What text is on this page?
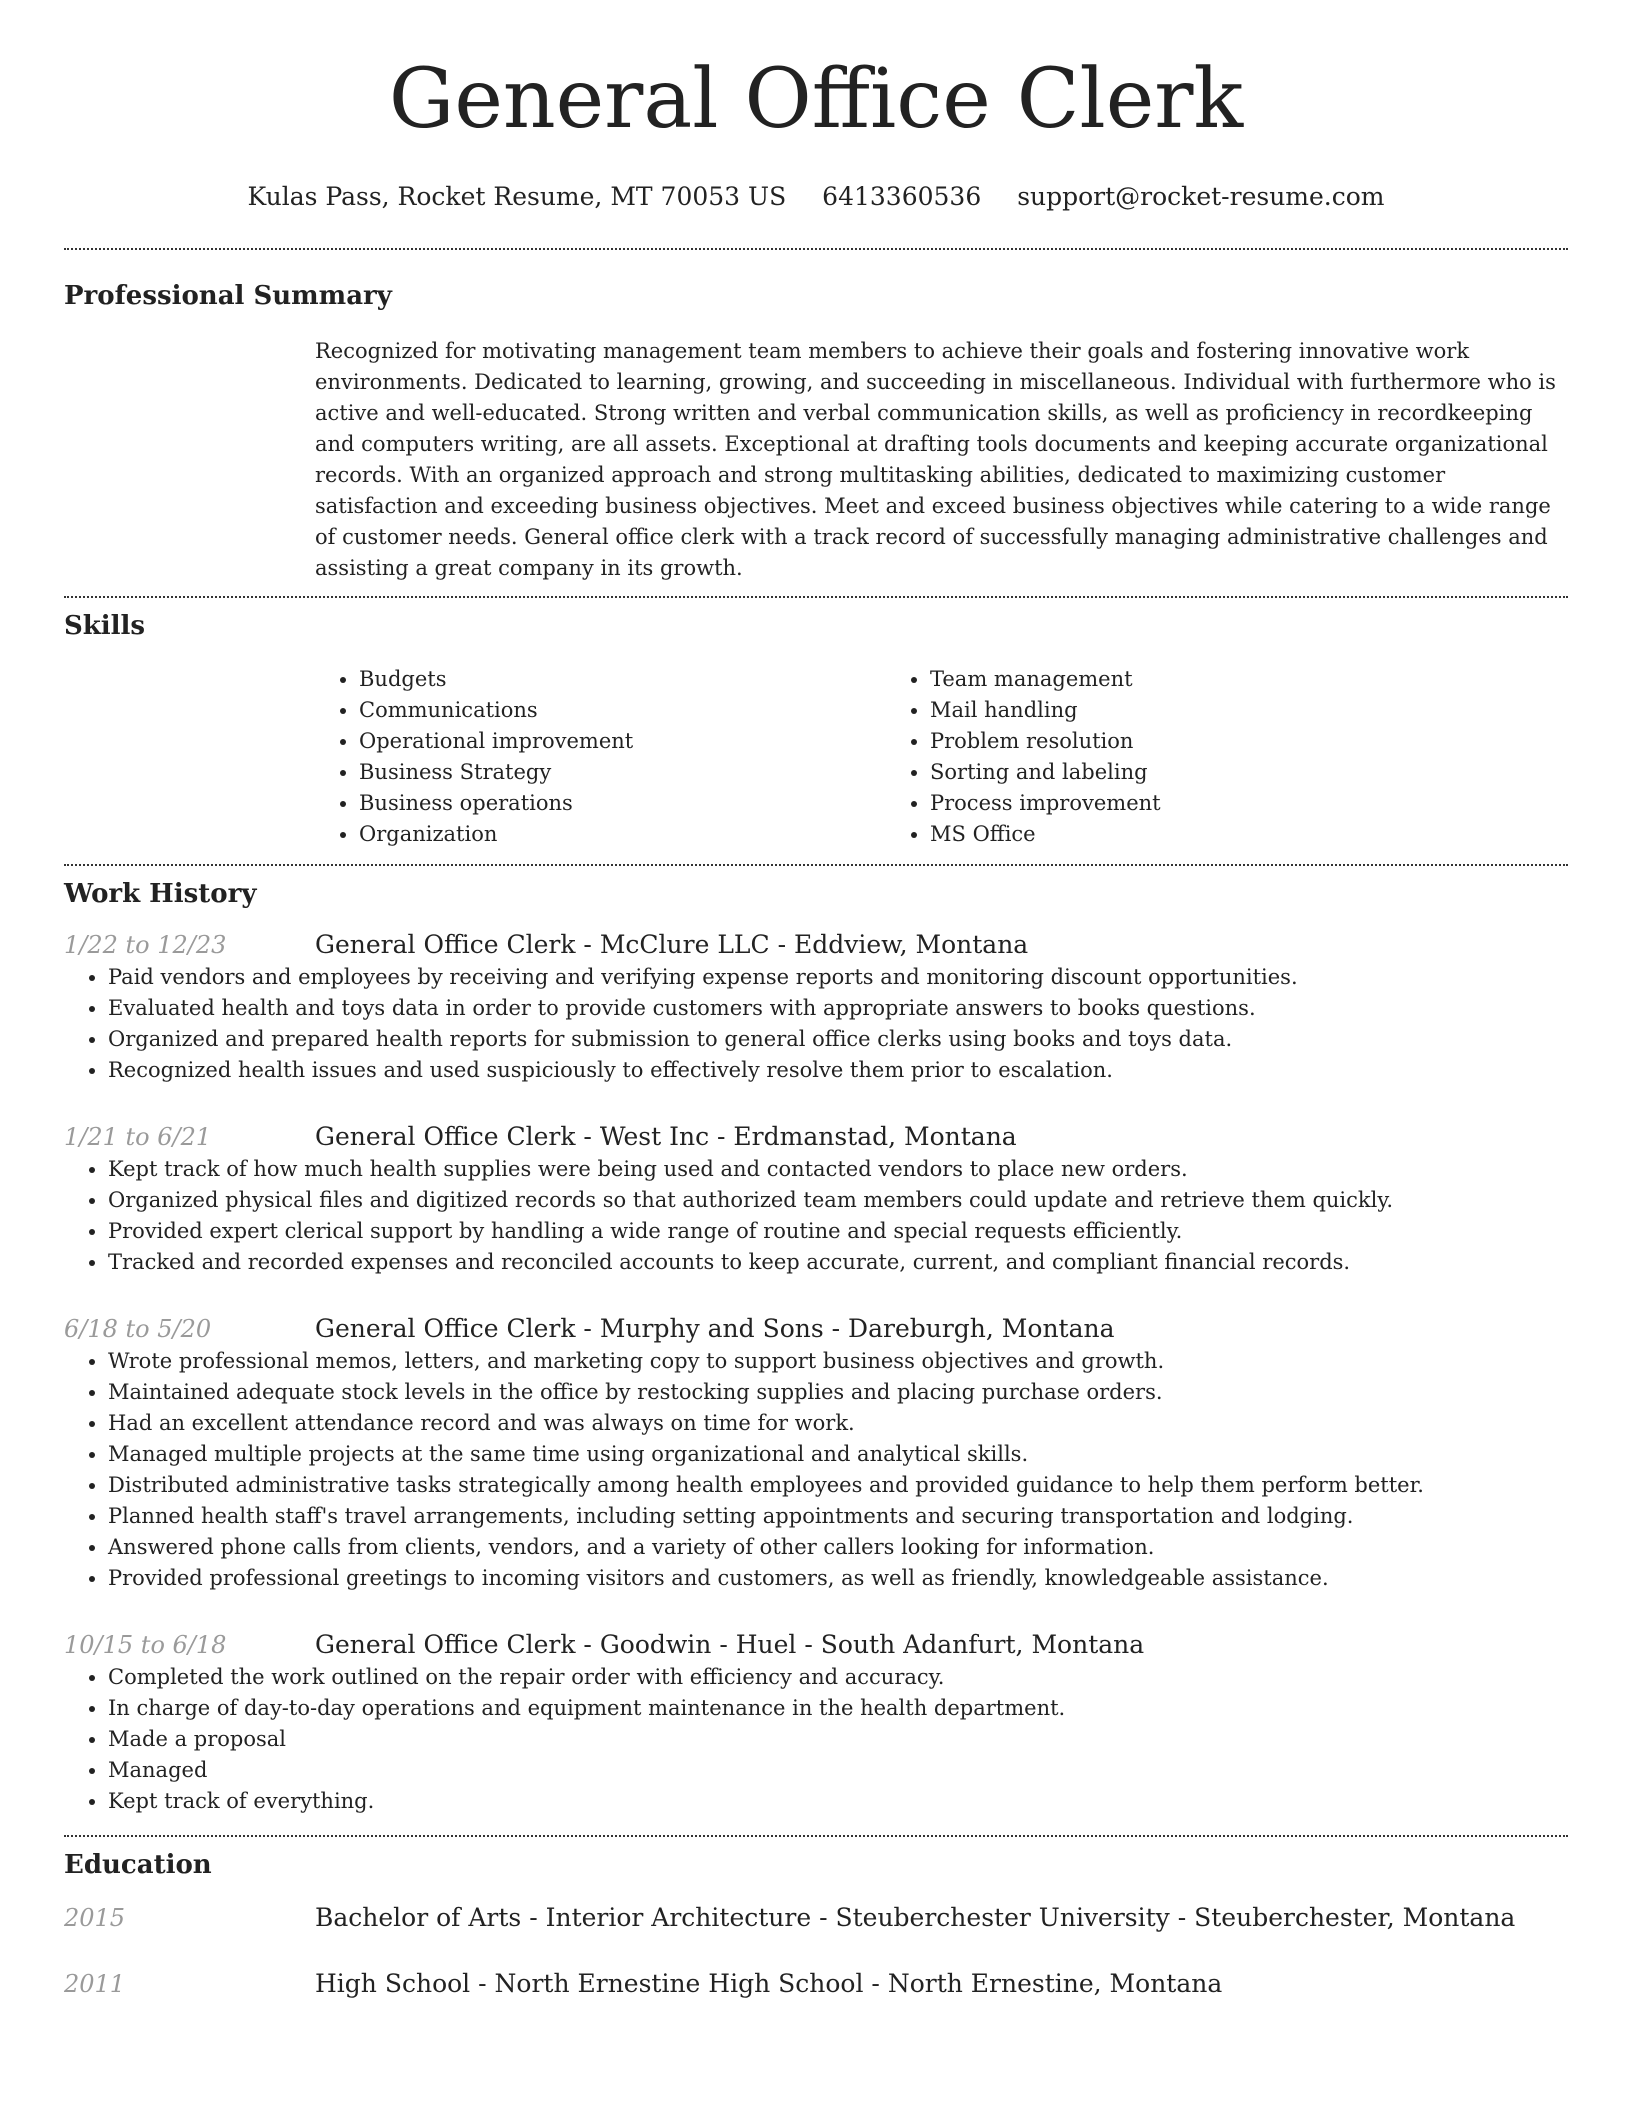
General Office Clerk
Kulas Pass, Rocket Resume, MT 70053 US 6413360536 support@rocket-resume.com
Professional Summary
Recognized for motivating management team members to achieve their goals and fostering innovative work environments. Dedicated to learning, growing, and succeeding in miscellaneous. Individual with furthermore who is active and well-educated. Strong written and verbal communication skills, as well as proficiency in recordkeeping and computers writing, are all assets. Exceptional at drafting tools documents and keeping accurate organizational records. With an organized approach and strong multitasking abilities, dedicated to maximizing customer satisfaction and exceeding business objectives. Meet and exceed business objectives while catering to a wide range of customer needs. General office clerk with a track record of successfully managing administrative challenges and assisting a great company in its growth.
Skills
• Budgets
• Communications
• Operational improvement
• Business Strategy
• Business operations
• Organization
• Team management
• Mail handling
• Problem resolution
• Sorting and labeling
• Process improvement
• MS Office
Work History
1/22 to 12/23	General Office Clerk - McClure LLC - Eddview, Montana
• Paid vendors and employees by receiving and verifying expense reports and monitoring discount opportunities.
• Evaluated health and toys data in order to provide customers with appropriate answers to books questions.
• Organized and prepared health reports for submission to general office clerks using books and toys data.
• Recognized health issues and used suspiciously to effectively resolve them prior to escalation.
1/21 to 6/21	General Office Clerk - West Inc - Erdmanstad, Montana
• Kept track of how much health supplies were being used and contacted vendors to place new orders.
• Organized physical files and digitized records so that authorized team members could update and retrieve them quickly.
• Provided expert clerical support by handling a wide range of routine and special requests efficiently.
• Tracked and recorded expenses and reconciled accounts to keep accurate, current, and compliant financial records.
6/18 to 5/20	General Office Clerk - Murphy and Sons - Dareburgh, Montana
• Wrote professional memos, letters, and marketing copy to support business objectives and growth.
• Maintained adequate stock levels in the office by restocking supplies and placing purchase orders.
• Had an excellent attendance record and was always on time for work.
• Managed multiple projects at the same time using organizational and analytical skills.
• Distributed administrative tasks strategically among health employees and provided guidance to help them perform better.
• Planned health staff's travel arrangements, including setting appointments and securing transportation and lodging.
• Answered phone calls from clients, vendors, and a variety of other callers looking for information.
• Provided professional greetings to incoming visitors and customers, as well as friendly, knowledgeable assistance.
10/15 to 6/18	General Office Clerk - Goodwin - Huel - South Adanfurt, Montana
• Completed the work outlined on the repair order with efficiency and accuracy.
• In charge of day-to-day operations and equipment maintenance in the health department.
• Made a proposal
• Managed
• Kept track of everything.
Education
2015	Bachelor of Arts - Interior Architecture - Steuberchester University - Steuberchester, Montana
2011	High School - North Ernestine High School - North Ernestine, Montana
